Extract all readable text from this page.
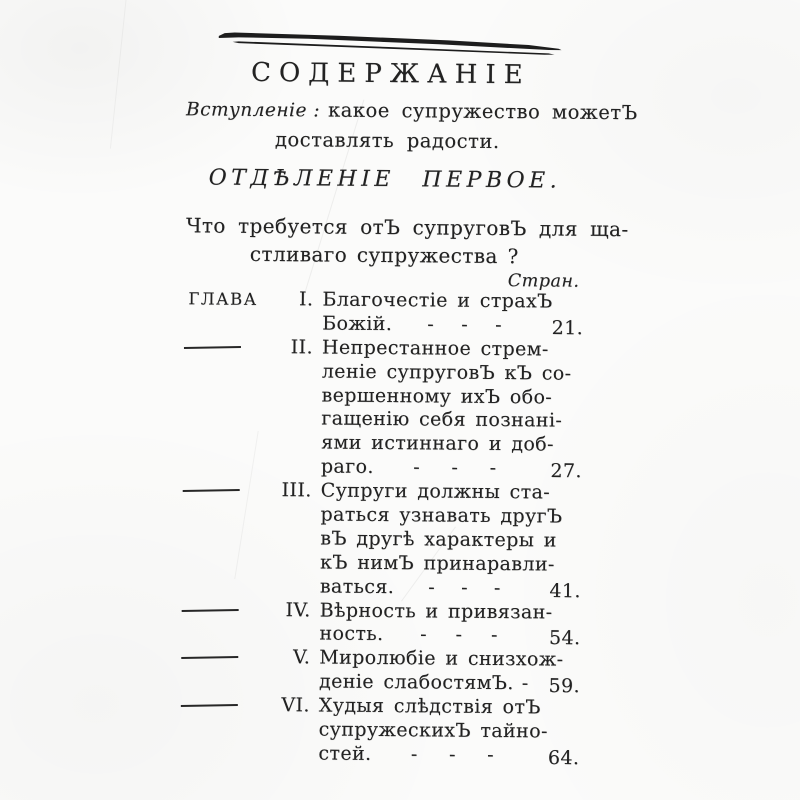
СОДЕРЖАНІЕ
Вступленіе : какое супружество можетЪ
доставлять радости.
ОТДѢЛЕНІЕ ПЕРВОЕ.
Что требуется отЪ супруговЪ для ща-
стливаго супружества ?
Стран.
ГЛАВА	I. Благочестіе и страхЪ
Божій. - - -	21.
II. Непрестанное стрем-
леніе супруговЪ кЪ со-
вершенному ихЪ обо-
гащенію себя познані-
ями истиннаго и доб-
раго. - - -	27.
III. Супруги должны ста-
раться узнавать другЪ
вЪ другѣ характеры и
кЪ нимЪ принаравли-
ваться. - - -	41.
IV. Вѣрность и привязан-
ность. - - -	54.
V. Миролюбіе и снизхож-
деніе слабостямЪ. -	59.
VI. Худыя слѣдствія отЪ
супружескихЪ тайно-
стей. - - -	64.
